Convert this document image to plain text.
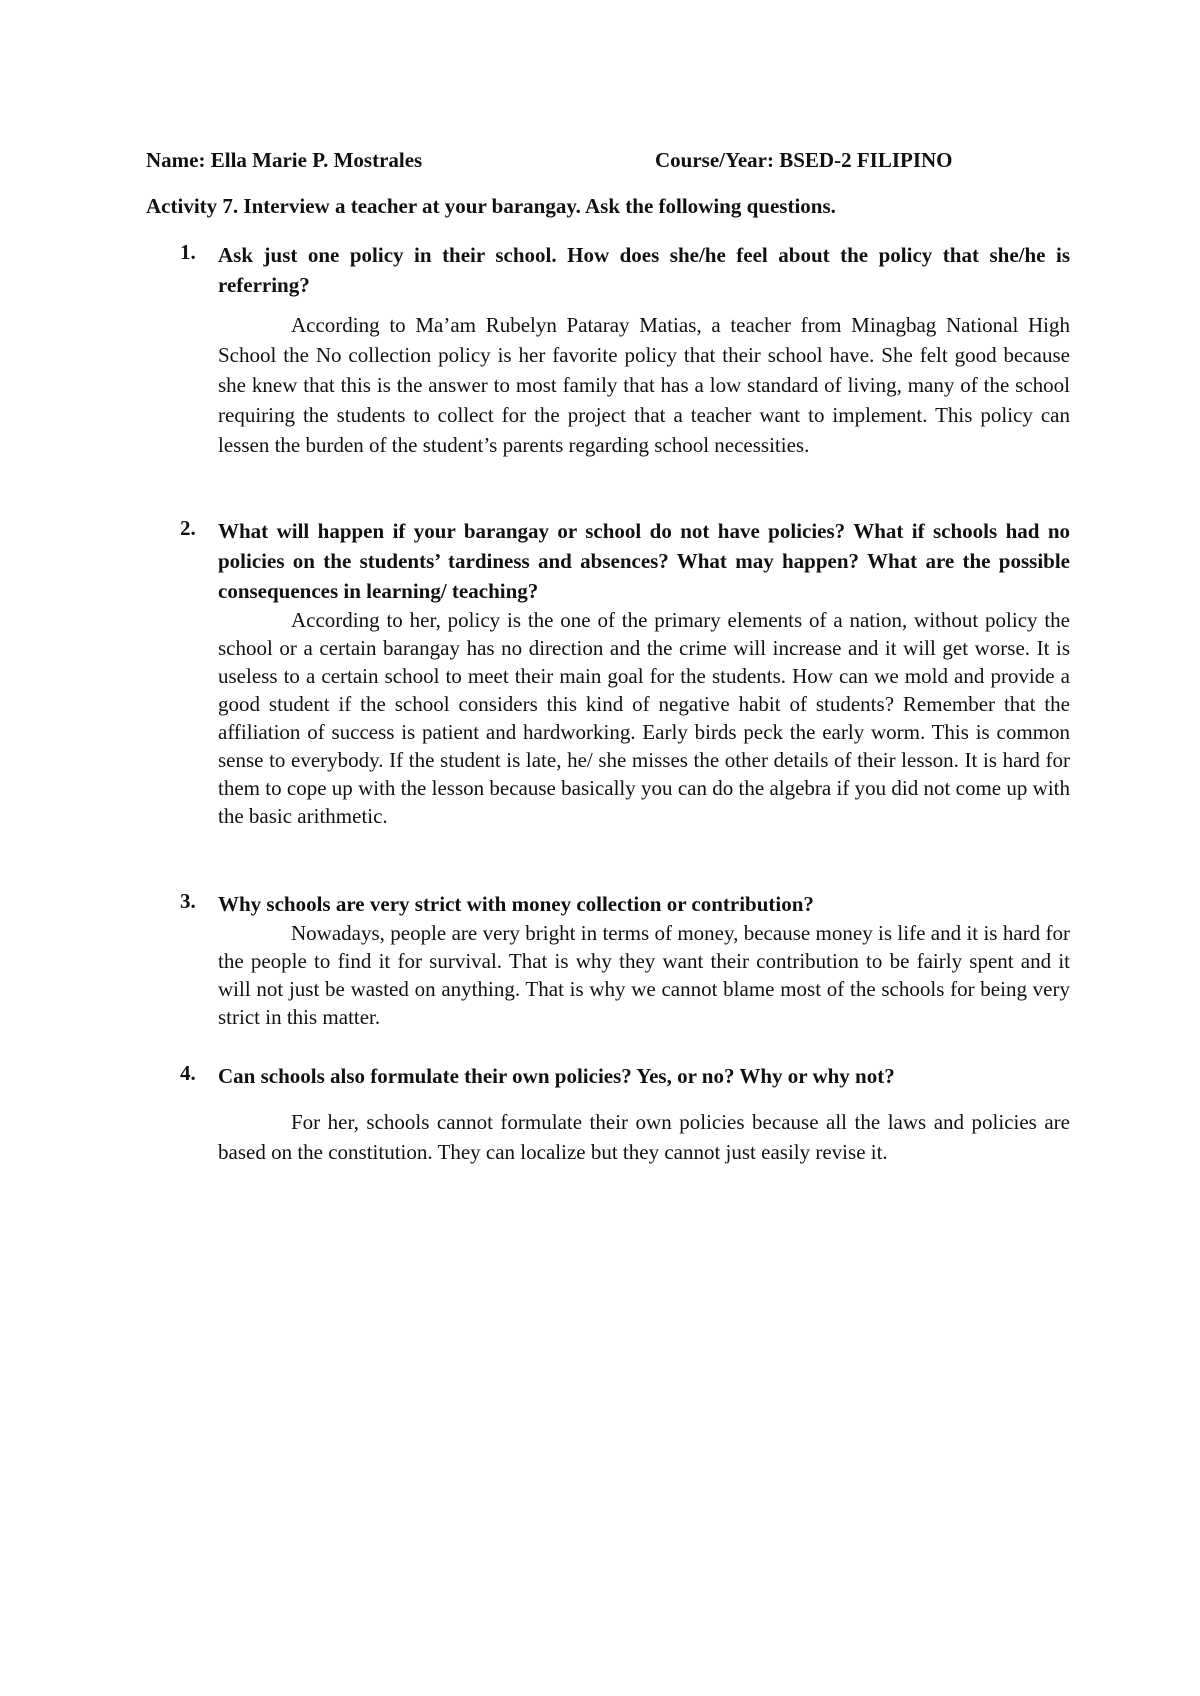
Name: Ella Marie P. Mostrales	Course/Year: BSED-2 FILIPINO
Activity 7. Interview a teacher at your barangay. Ask the following questions.
1. Ask just one policy in their school. How does she/he feel about the policy that she/he is referring?
According to Ma’am Rubelyn Pataray Matias, a teacher from Minagbag National High School the No collection policy is her favorite policy that their school have. She felt good because she knew that this is the answer to most family that has a low standard of living, many of the school requiring the students to collect for the project that a teacher want to implement. This policy can lessen the burden of the student’s parents regarding school necessities.
2. What will happen if your barangay or school do not have policies? What if schools had no policies on the students’ tardiness and absences? What may happen? What are the possible consequences in learning/ teaching?
According to her, policy is the one of the primary elements of a nation, without policy the school or a certain barangay has no direction and the crime will increase and it will get worse. It is useless to a certain school to meet their main goal for the students. How can we mold and provide a good student if the school considers this kind of negative habit of students? Remember that the affiliation of success is patient and hardworking. Early birds peck the early worm. This is common sense to everybody. If the student is late, he/ she misses the other details of their lesson. It is hard for them to cope up with the lesson because basically you can do the algebra if you did not come up with the basic arithmetic.
3. Why schools are very strict with money collection or contribution?
Nowadays, people are very bright in terms of money, because money is life and it is hard for the people to find it for survival. That is why they want their contribution to be fairly spent and it will not just be wasted on anything. That is why we cannot blame most of the schools for being very strict in this matter.
4. Can schools also formulate their own policies? Yes, or no? Why or why not?
For her, schools cannot formulate their own policies because all the laws and policies are based on the constitution. They can localize but they cannot just easily revise it.
